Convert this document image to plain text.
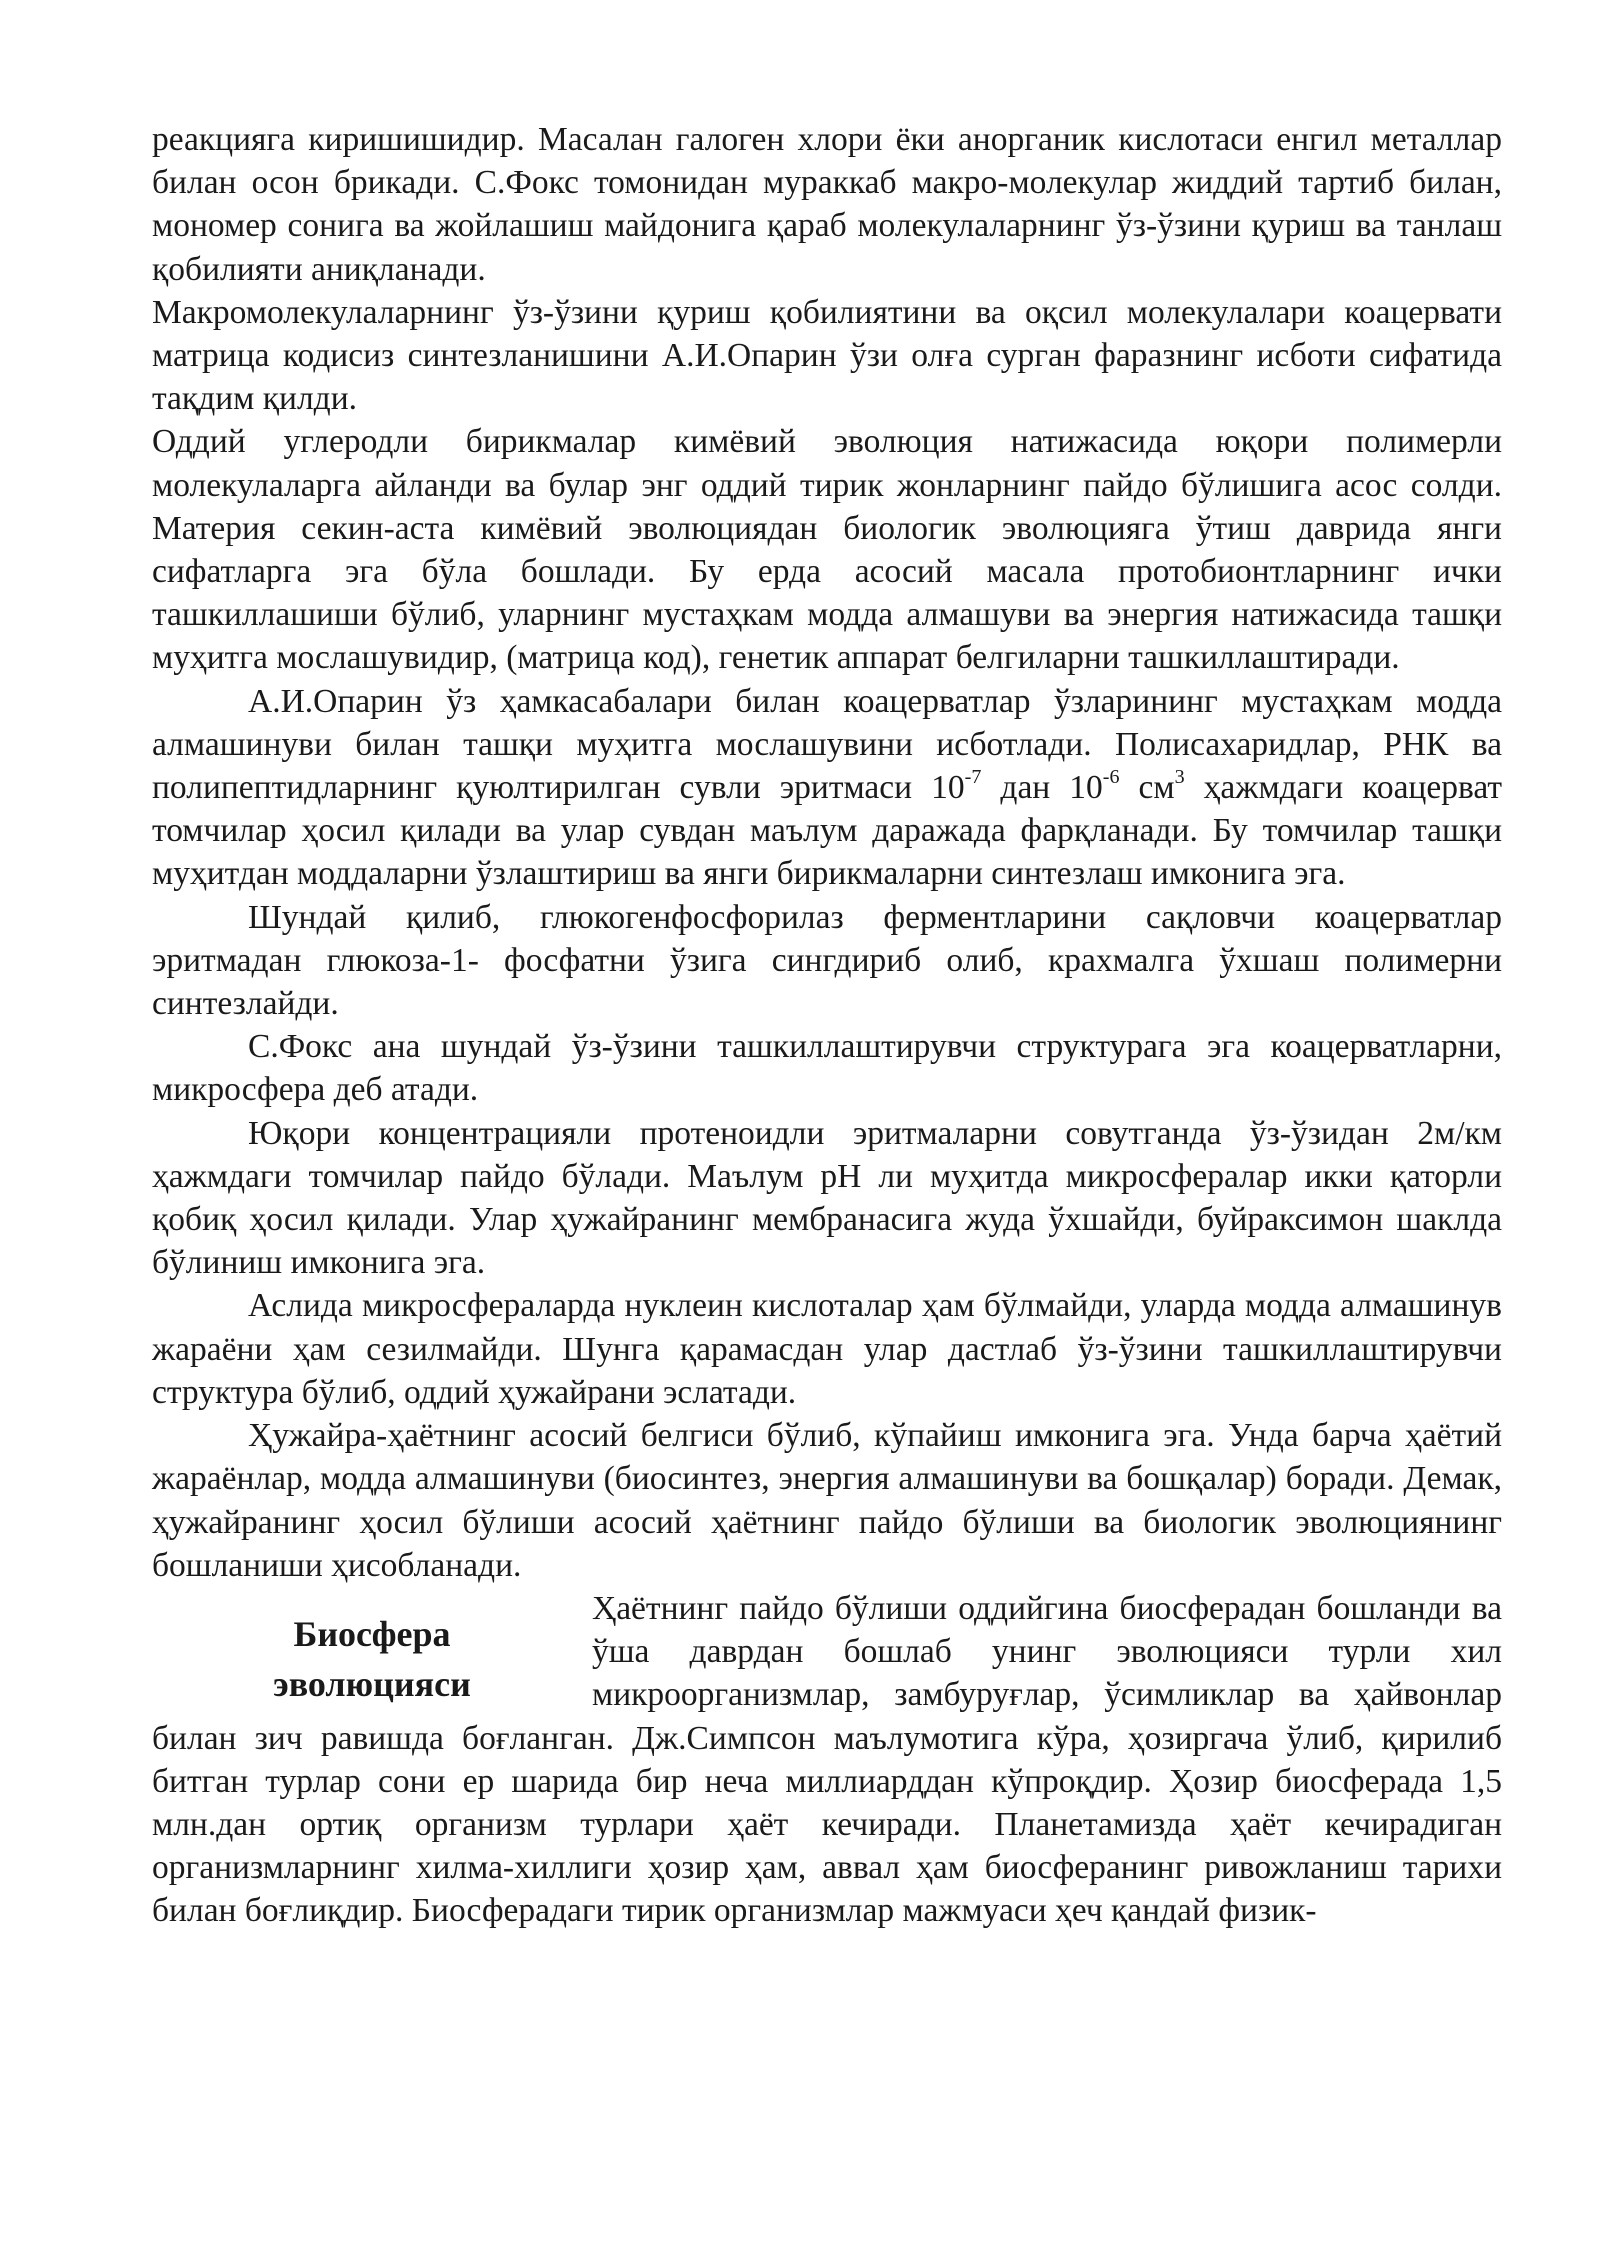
реакцияга киришишидир. Масалан галоген хлори ёки анорганик кислотаси енгил металлар билан осон брикади. С.Фокс томонидан мураккаб макро-молекулар жиддий тартиб билан, мономер сонига ва жойлашиш майдонига қараб молекулаларнинг ўз-ўзини қуриш ва танлаш қобилияти аниқланади.

Макромолекулаларнинг ўз-ўзини қуриш қобилиятини ва оқсил молекулалари коацервати матрица кодисиз синтезланишини А.И.Опарин ўзи олға сурган фаразнинг исботи сифатида тақдим қилди.

Оддий углеродли бирикмалар кимёвий эволюция натижасида юқори полимерли молекулаларга айланди ва булар энг оддий тирик жонларнинг пайдо бўлишига асос солди. Материя секин-аста кимёвий эволюциядан биологик эволюцияга ўтиш даврида янги сифатларга эга бўла бошлади. Бу ерда асосий масала протобионтларнинг ички ташкиллашиши бўлиб, уларнинг мустаҳкам модда алмашуви ва энергия натижасида ташқи муҳитга мослашувидир, (матрица код), генетик аппарат белгиларни ташкиллаштиради.

А.И.Опарин ўз ҳамкасабалари билан коацерватлар ўзларининг мустаҳкам модда алмашинуви билан ташқи муҳитга мослашувини исботлади. Полисахаридлар, РНК ва полипептидларнинг қуюлтирилган сувли эритмаси $10^{-7}$ дан $10^{-6}$ $см^3$ ҳажмдаги коацерват томчилар ҳосил қилади ва улар сувдан маълум даражада фарқланади. Бу томчилар ташқи муҳитдан моддаларни ўзлаштириш ва янги бирикмаларни синтезлаш имконига эга.

Шундай қилиб, глюкогенфосфорилаз ферментларини сақловчи коацерватлар эритмадан глюкоза-1- фосфатни ўзига сингдириб олиб, крахмалга ўхшаш полимерни синтезлайди.

С.Фокс ана шундай ўз-ўзини ташкиллаштирувчи структурага эга коацерватларни, микросфера деб атади.

Юқори концентрацияли протеноидли эритмаларни совутганда ўз-ўзидан 2м/км ҳажмдаги томчилар пайдо бўлади. Маълум рН ли муҳитда микросфералар икки қаторли қобиқ ҳосил қилади. Улар ҳужайранинг мембранасига жуда ўхшайди, буйраксимон шаклда бўлиниш имконига эга.

Аслида микросфераларда нуклеин кислоталар ҳам бўлмайди, уларда модда алмашинув жараёни ҳам сезилмайди. Шунга қарамасдан улар дастлаб ўз-ўзини ташкиллаштирувчи структура бўлиб, оддий ҳужайрани эслатади.

Ҳужайра-ҳаётнинг асосий белгиси бўлиб, кўпайиш имконига эга. Унда барча ҳаётий жараёнлар, модда алмашинуви (биосинтез, энергия алмашинуви ва бошқалар) боради. Демак, ҳужайранинг ҳосил бўлиши асосий ҳаётнинг пайдо бўлиши ва биологик эволюциянинг бошланиши ҳисобланади.

Биосфера
эволюцияси

Ҳаётнинг пайдо бўлиши оддийгина биосферадан бошланди ва ўша даврдан бошлаб унинг эволюцияси турли хил микроорганизмлар, замбуруғлар, ўсимликлар ва ҳайвонлар билан зич равишда боғланган. Дж.Симпсон маълумотига кўра, ҳозиргача ўлиб, қирилиб битган турлар сони ер шарида бир неча миллиарддан кўпроқдир. Ҳозир биосферада 1,5 млн.дан ортиқ организм турлари ҳаёт кечиради. Планетамизда ҳаёт кечирадиган организмларнинг хилма-хиллиги ҳозир ҳам, аввал ҳам биосферанинг ривожланиш тарихи билан боғлиқдир. Биосферадаги тирик организмлар мажмуаси ҳеч қандай физик-
